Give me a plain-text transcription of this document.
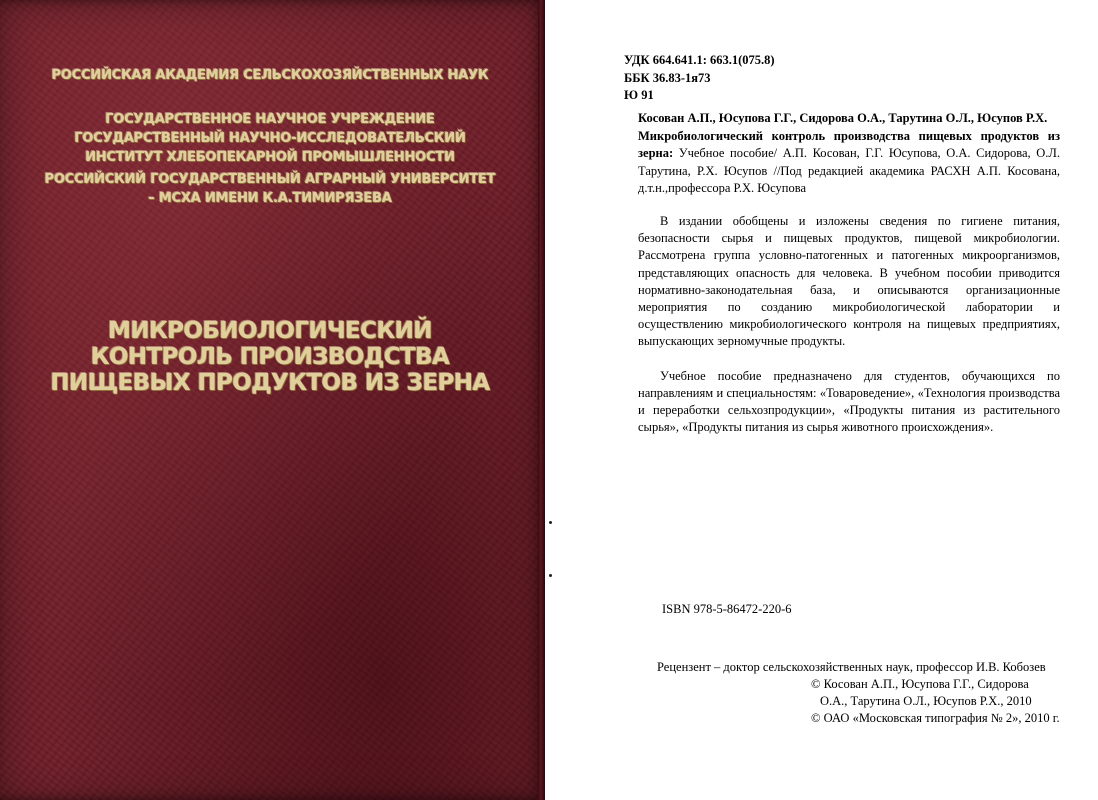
РОССИЙСКАЯ АКАДЕМИЯ СЕЛЬСКОХОЗЯЙСТВЕННЫХ НАУК

ГОСУДАРСТВЕННОЕ НАУЧНОЕ УЧРЕЖДЕНИЕ ГОСУДАРСТВЕННЫЙ НАУЧНО-ИССЛЕДОВАТЕЛЬСКИЙ ИНСТИТУТ ХЛЕБОПЕКАРНОЙ ПРОМЫШЛЕННОСТИ

РОССИЙСКИЙ ГОСУДАРСТВЕННЫЙ АГРАРНЫЙ УНИВЕРСИТЕТ – МСХА ИМЕНИ К.А.ТИМИРЯЗЕВА

МИКРОБИОЛОГИЧЕСКИЙ КОНТРОЛЬ ПРОИЗВОДСТВА ПИЩЕВЫХ ПРОДУКТОВ ИЗ ЗЕРНА

УДК 664.641.1: 663.1(075.8)
ББК 36.83-1я73
Ю 91

Косован А.П., Юсупова Г.Г., Сидорова О.А., Тарутина О.Л., Юсупов Р.Х.

Микробиологический контроль производства пищевых продуктов из зерна: Учебное пособие/ А.П. Косован, Г.Г. Юсупова, О.А. Сидорова, О.Л. Тарутина, Р.Х. Юсупов //Под редакцией академика РАСХН А.П. Косована, д.т.н.,профессора Р.Х. Юсупова

В издании обобщены и изложены сведения по гигиене питания, безопасности сырья и пищевых продуктов, пищевой микробиологии. Рассмотрена группа условно-патогенных и патогенных микроорганизмов, представляющих опасность для человека. В учебном пособии приводится нормативно-законодательная база, и описываются организационные мероприятия по созданию микробиологической лаборатории и осуществлению микробиологического контроля на пищевых предприятиях, выпускающих зерномучные продукты.

Учебное пособие предназначено для студентов, обучающихся по направлениям и специальностям: «Товароведение», «Технология производства и переработки сельхозпродукции», «Продукты питания из растительного сырья», «Продукты питания из сырья животного происхождения».

ISBN 978-5-86472-220-6
Рецензент – доктор сельскохозяйственных наук, профессор И.В. Кобозев
© Косован А.П., Юсупова Г.Г., Сидорова
О.А., Тарутина О.Л., Юсупов Р.Х., 2010
© ОАО «Московская типография № 2», 2010 г.
